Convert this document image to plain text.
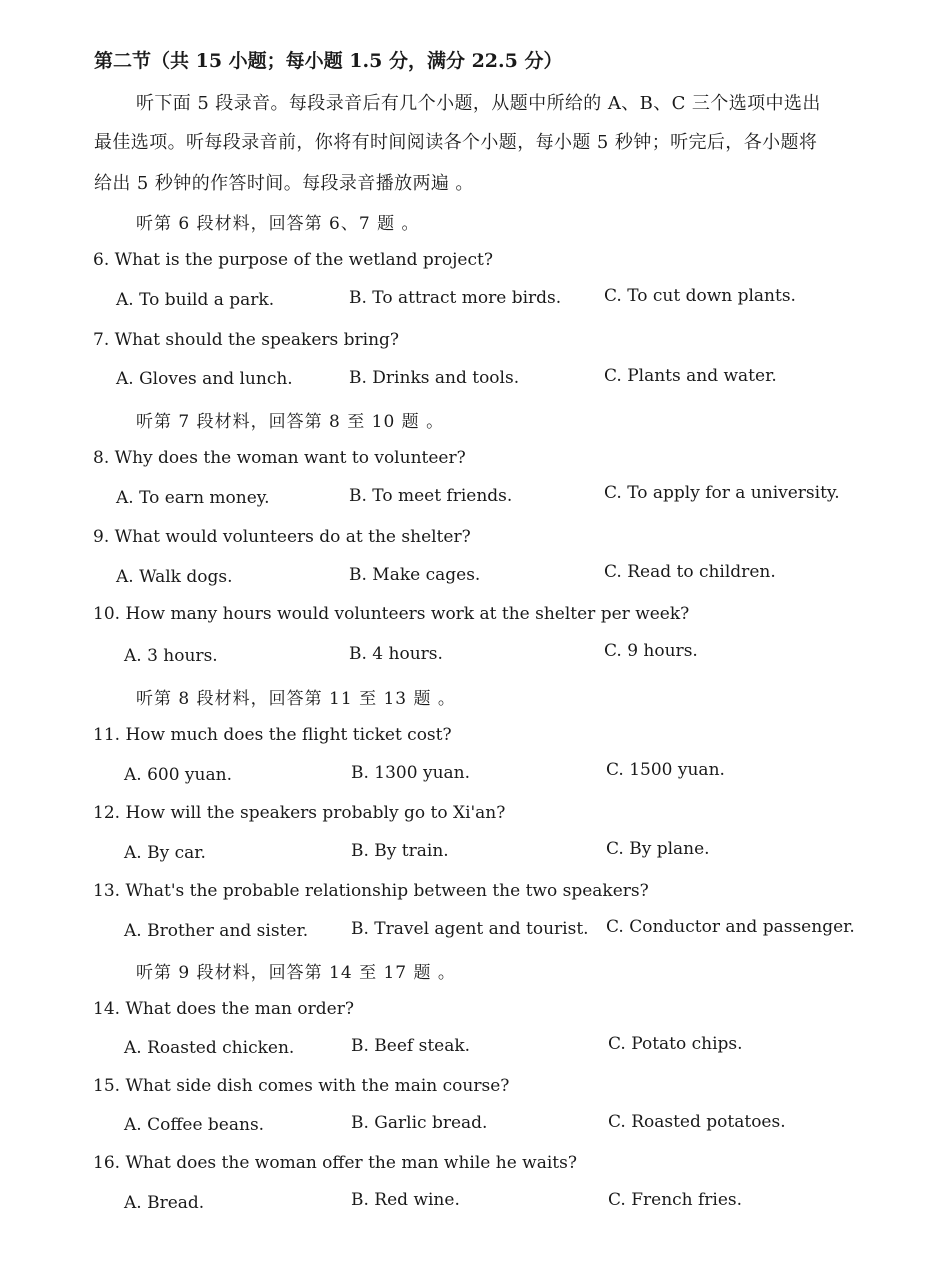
第二节（共 15 小题；每小题 1.5 分，满分 22.5 分）
听下面 5 段录音。每段录音后有几个小题，从题中所给的 A、B、C 三个选项中选出
最佳选项。听每段录音前，你将有时间阅读各个小题，每小题 5 秒钟；听完后，各小题将
给出 5 秒钟的作答时间。每段录音播放两遍 。
听第 6 段材料，回答第 6、7 题 。
6. What is the purpose of the wetland project?
A. To build a park.	B. To attract more birds.	C. To cut down plants.
7. What should the speakers bring?
A. Gloves and lunch.	B. Drinks and tools.	C. Plants and water.
听第 7 段材料，回答第 8 至 10 题 。
8. Why does the woman want to volunteer?
A. To earn money.	B. To meet friends.	C. To apply for a university.
9. What would volunteers do at the shelter?
A. Walk dogs.	B. Make cages.	C. Read to children.
10. How many hours would volunteers work at the shelter per week?
A. 3 hours.	B. 4 hours.	C. 9 hours.
听第 8 段材料，回答第 11 至 13 题 。
11. How much does the flight ticket cost?
A. 600 yuan.	B. 1300 yuan.	C. 1500 yuan.
12. How will the speakers probably go to Xi'an?
A. By car.	B. By train.	C. By plane.
13. What's the probable relationship between the two speakers?
A. Brother and sister.	B. Travel agent and tourist. C. Conductor and passenger.
听第 9 段材料，回答第 14 至 17 题 。
14. What does the man order?
A. Roasted chicken.	B. Beef steak.	C. Potato chips.
15. What side dish comes with the main course?
A. Coffee beans.	B. Garlic bread.	C. Roasted potatoes.
16. What does the woman offer the man while he waits?
A. Bread.	B. Red wine.	C. French fries.
